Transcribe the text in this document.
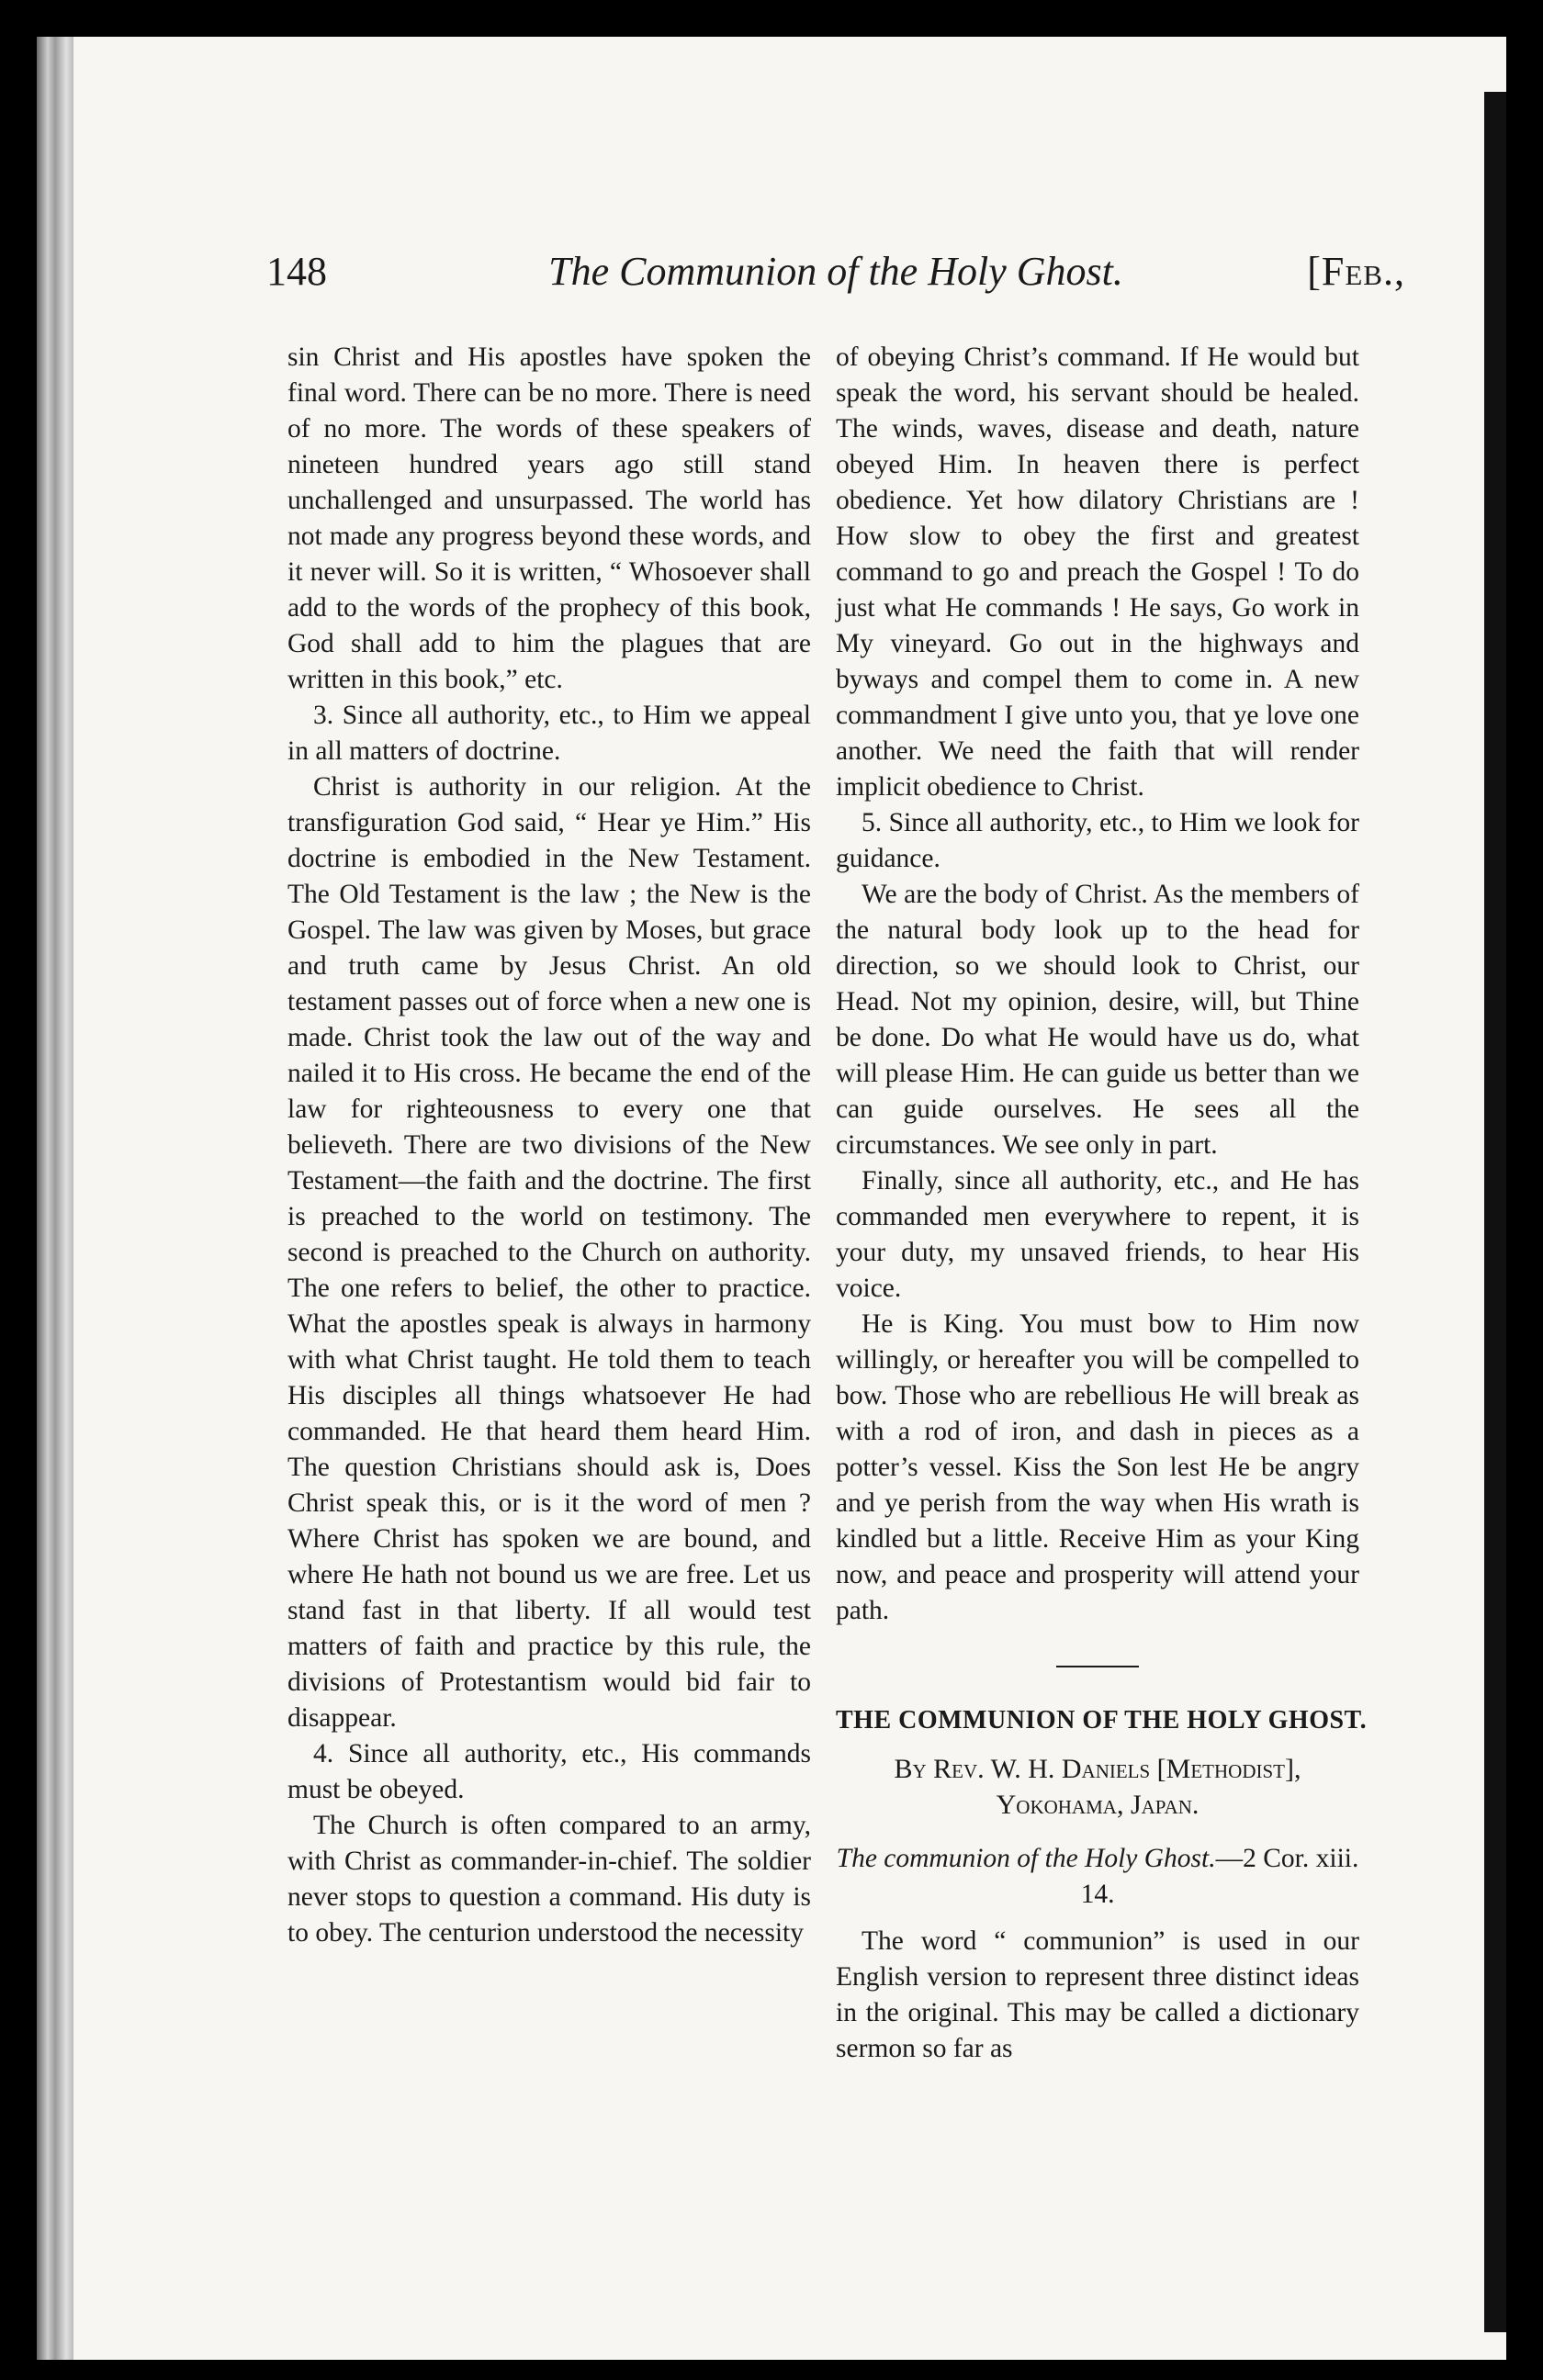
148	The Communion of the Holy Ghost.	[Feb.,

sin Christ and His apostles have spoken the final word. There can be no more. There is need of no more. The words of these speakers of nineteen hundred years ago still stand unchallenged and unsurpassed. The world has not made any progress beyond these words, and it never will. So it is written, “ Whosoever shall add to the words of the prophecy of this book, God shall add to him the plagues that are written in this book,” etc.

3. Since all authority, etc., to Him we appeal in all matters of doctrine.

Christ is authority in our religion. At the transfiguration God said, “ Hear ye Him.” His doctrine is embodied in the New Testament. The Old Testament is the law ; the New is the Gospel. The law was given by Moses, but grace and truth came by Jesus Christ. An old testament passes out of force when a new one is made. Christ took the law out of the way and nailed it to His cross. He became the end of the law for righteousness to every one that believeth. There are two divisions of the New Testament—the faith and the doctrine. The first is preached to the world on testimony. The second is preached to the Church on authority. The one refers to belief, the other to practice. What the apostles speak is always in harmony with what Christ taught. He told them to teach His disciples all things whatsoever He had commanded. He that heard them heard Him. The question Christians should ask is, Does Christ speak this, or is it the word of men ? Where Christ has spoken we are bound, and where He hath not bound us we are free. Let us stand fast in that liberty. If all would test matters of faith and practice by this rule, the divisions of Protestantism would bid fair to disappear.

4. Since all authority, etc., His commands must be obeyed.

The Church is often compared to an army, with Christ as commander-in-chief. The soldier never stops to question a command. His duty is to obey. The centurion understood the necessity

of obeying Christ’s command. If He would but speak the word, his servant should be healed. The winds, waves, disease and death, nature obeyed Him. In heaven there is perfect obedience. Yet how dilatory Christians are ! How slow to obey the first and greatest command to go and preach the Gospel ! To do just what He commands ! He says, Go work in My vineyard. Go out in the highways and byways and compel them to come in. A new commandment I give unto you, that ye love one another. We need the faith that will render implicit obedience to Christ.

5. Since all authority, etc., to Him we look for guidance.

We are the body of Christ. As the members of the natural body look up to the head for direction, so we should look to Christ, our Head. Not my opinion, desire, will, but Thine be done. Do what He would have us do, what will please Him. He can guide us better than we can guide ourselves. He sees all the circumstances. We see only in part.

Finally, since all authority, etc., and He has commanded men everywhere to repent, it is your duty, my unsaved friends, to hear His voice.

He is King. You must bow to Him now willingly, or hereafter you will be compelled to bow. Those who are rebellious He will break as with a rod of iron, and dash in pieces as a potter’s vessel. Kiss the Son lest He be angry and ye perish from the way when His wrath is kindled but a little. Receive Him as your King now, and peace and prosperity will attend your path.

THE COMMUNION OF THE HOLY GHOST.
By Rev. W. H. Daniels [Methodist],
Yokohama, Japan.
The communion of the Holy Ghost.—2 Cor. xiii. 14.

The word “ communion” is used in our English version to represent three distinct ideas in the original. This may be called a dictionary sermon so far as
